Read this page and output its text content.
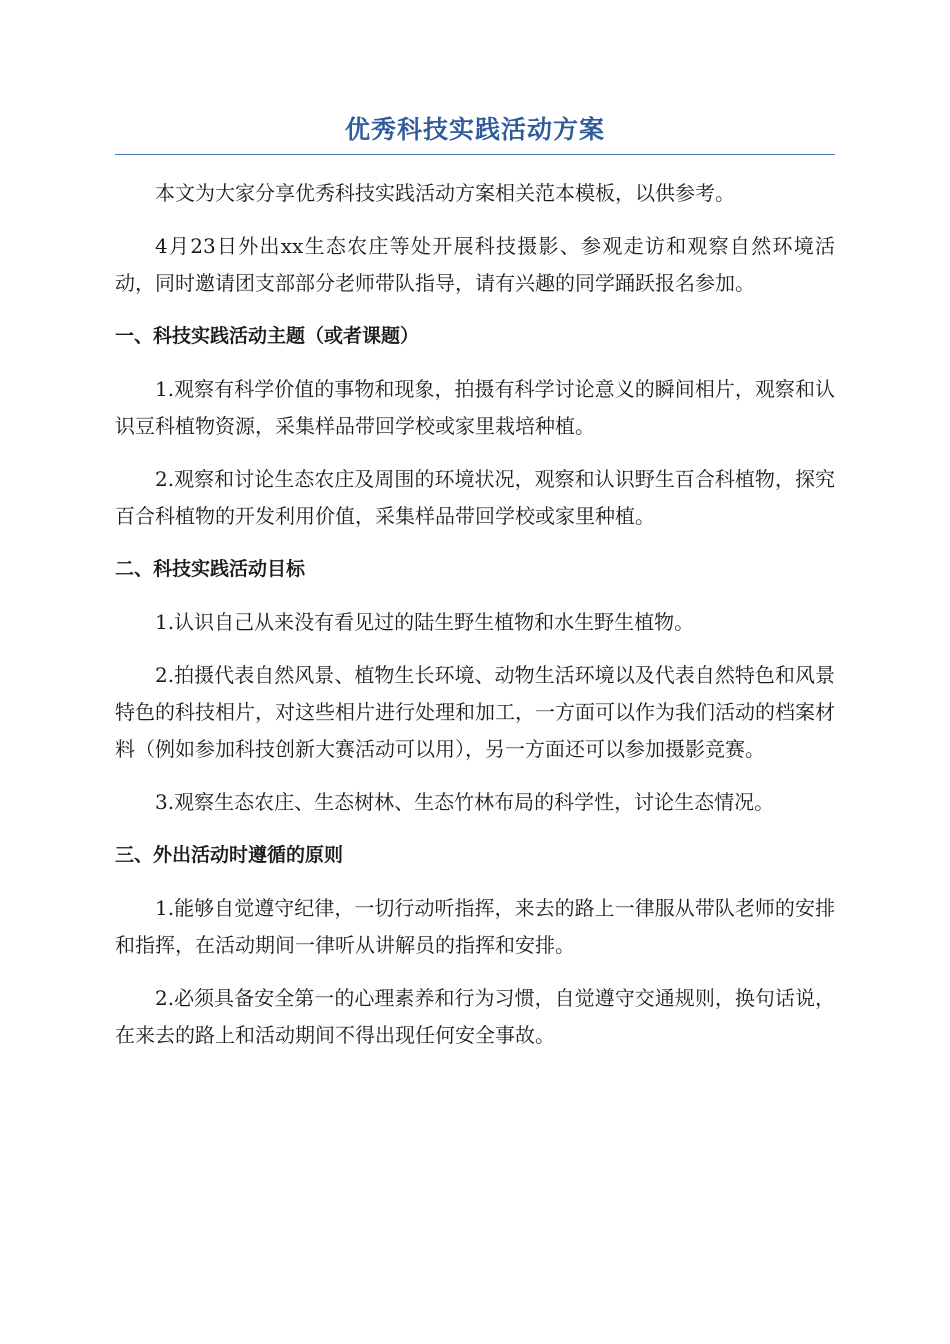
优秀科技实践活动方案

本文为大家分享优秀科技实践活动方案相关范本模板，以供参考。

4月23日外出xx生态农庄等处开展科技摄影、参观走访和观察自然环境活动，同时邀请团支部部分老师带队指导，请有兴趣的同学踊跃报名参加。

一、科技实践活动主题（或者课题）

1.观察有科学价值的事物和现象，拍摄有科学讨论意义的瞬间相片，观察和认识豆科植物资源，采集样品带回学校或家里栽培种植。

2.观察和讨论生态农庄及周围的环境状况，观察和认识野生百合科植物，探究百合科植物的开发利用价值，采集样品带回学校或家里种植。

二、科技实践活动目标

1.认识自己从来没有看见过的陆生野生植物和水生野生植物。

2.拍摄代表自然风景、植物生长环境、动物生活环境以及代表自然特色和风景特色的科技相片，对这些相片进行处理和加工，一方面可以作为我们活动的档案材料（例如参加科技创新大赛活动可以用），另一方面还可以参加摄影竞赛。

3.观察生态农庄、生态树林、生态竹林布局的科学性，讨论生态情况。

三、外出活动时遵循的原则

1.能够自觉遵守纪律，一切行动听指挥，来去的路上一律服从带队老师的安排和指挥，在活动期间一律听从讲解员的指挥和安排。

2.必须具备安全第一的心理素养和行为习惯，自觉遵守交通规则，换句话说，在来去的路上和活动期间不得出现任何安全事故。
